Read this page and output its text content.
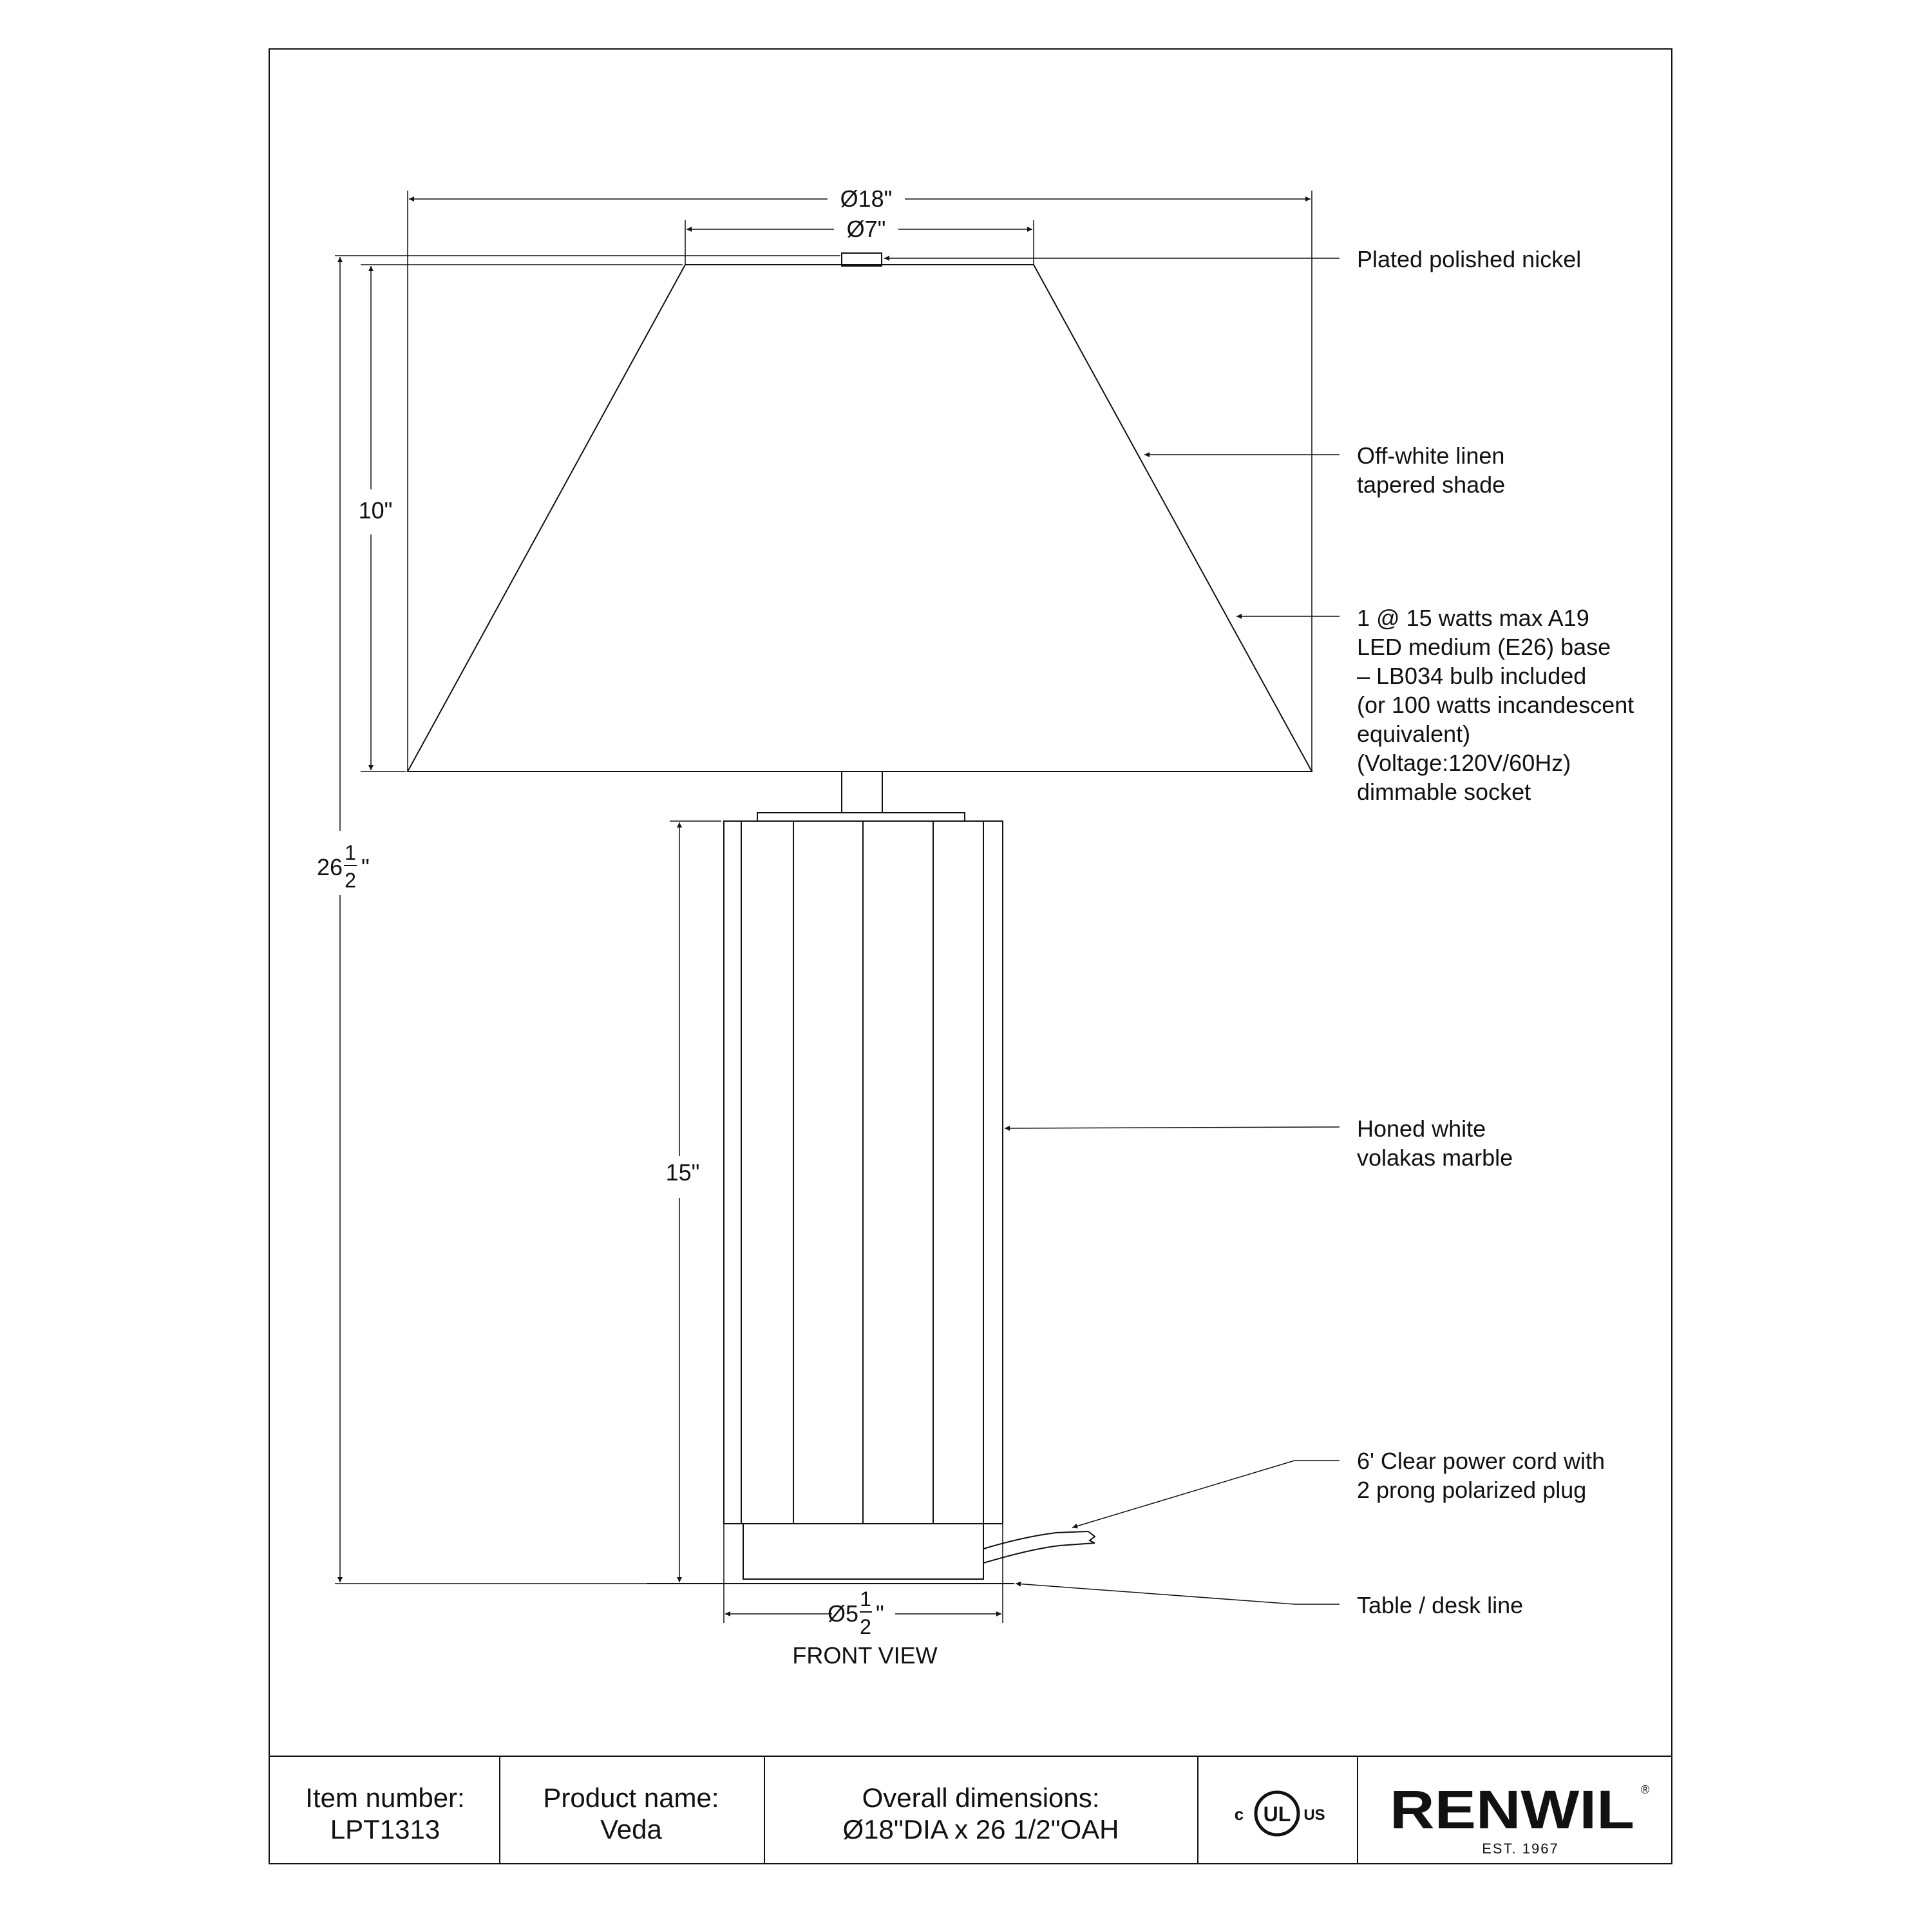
Ø18"
Ø7"
10"
26
1
2 "
15"
Ø5
1
2 "
FRONT VIEW
Plated polished nickel
Off-white linen tapered shade
1 @ 15 watts max A19 LED medium (E26) base – LB034 bulb included (or 100 watts incandescent equivalent) (Voltage:120V/60Hz) dimmable socket
Honed white volakas marble
6' Clear power cord with 2 prong polarized plug
Table / desk line
Item number:
LPT1313
Product name:
Veda
Overall dimensions:
Ø18"DIA x 26 1/2"OAH	c UL US RENWIL ®
EST. 1967
